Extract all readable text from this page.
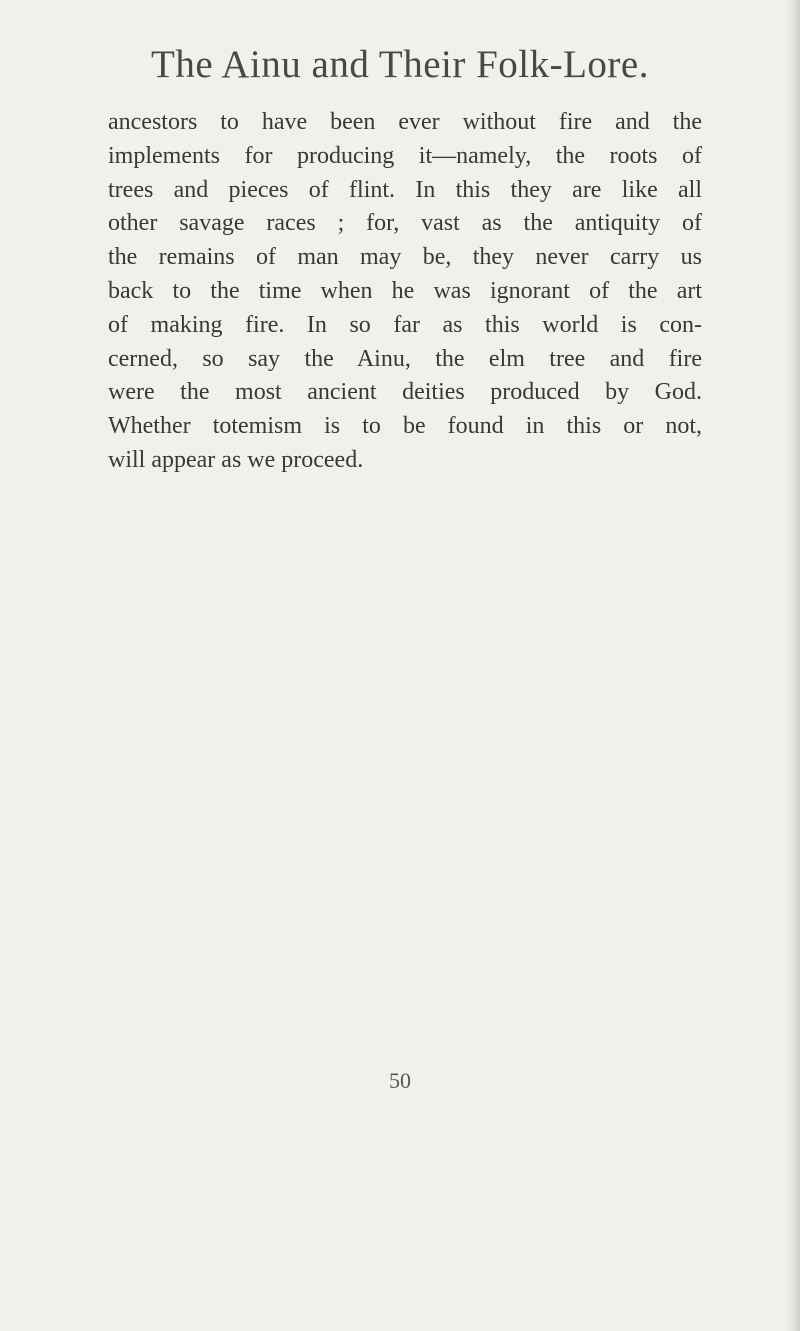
The Ainu and Their Folk-Lore.

ancestors to have been ever without fire and the
implements for producing it—namely, the roots of
trees and pieces of flint. In this they are like all
other savage races ; for, vast as the antiquity of
the remains of man may be, they never carry us
back to the time when he was ignorant of the art
of making fire. In so far as this world is con-
cerned, so say the Ainu, the elm tree and fire
were the most ancient deities produced by God.
Whether totemism is to be found in this or not,
will appear as we proceed.

50
